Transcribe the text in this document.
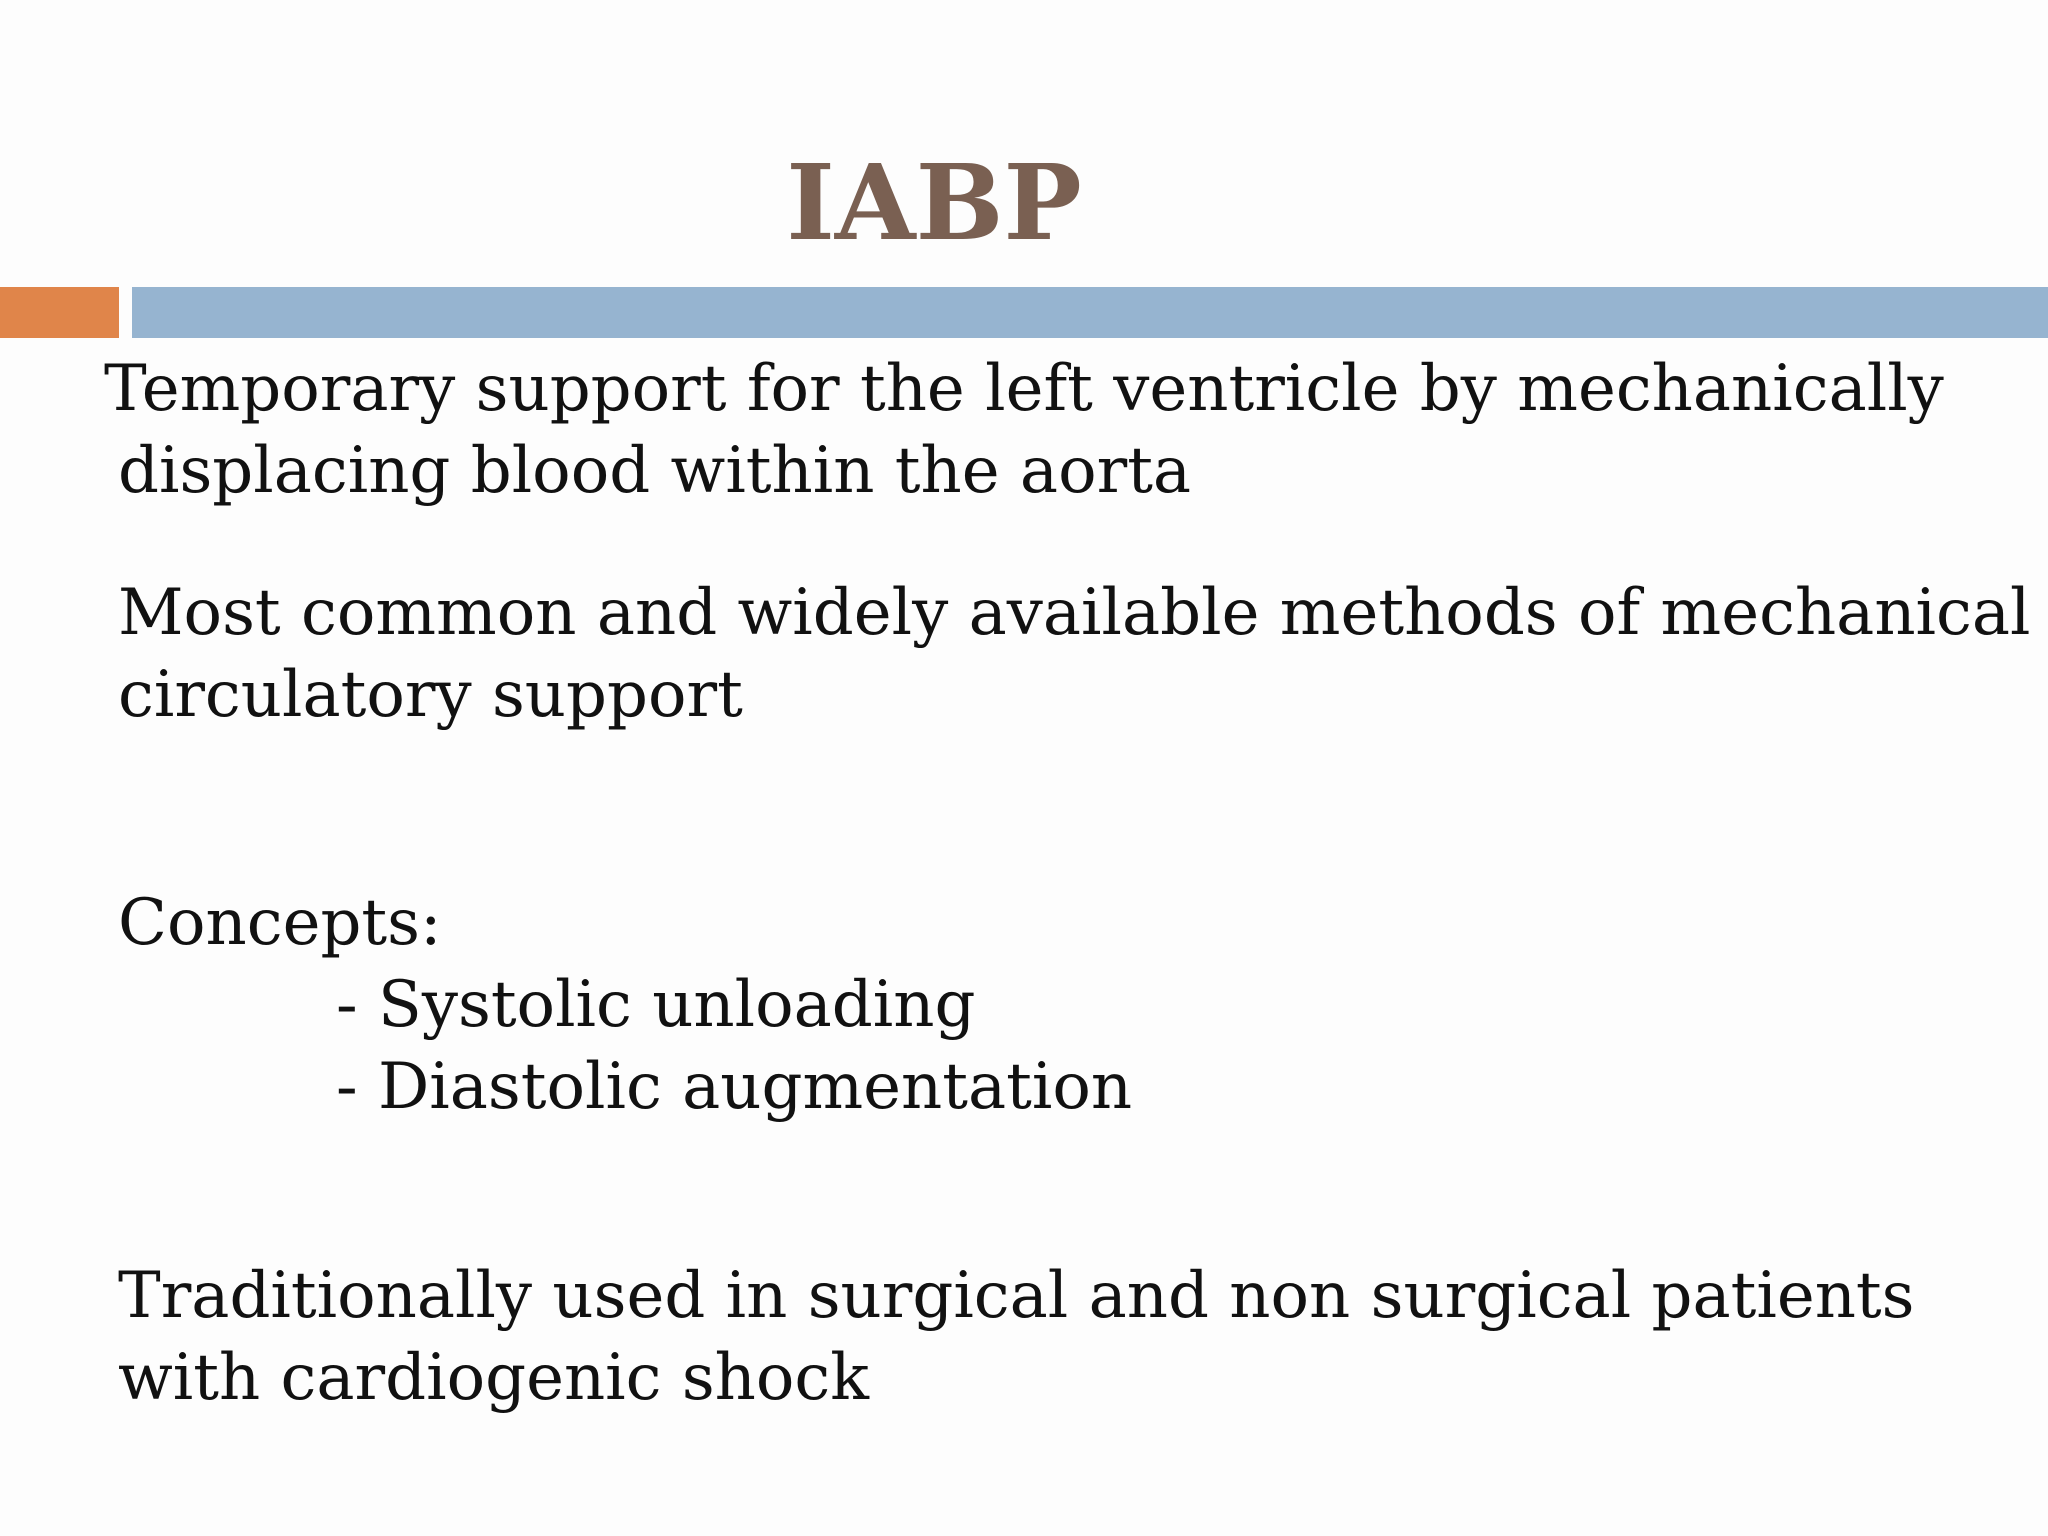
IABP
Temporary support for the left ventricle by mechanically
displacing blood within the aorta
Most common and widely available methods of mechanical
circulatory support
Concepts:
- Systolic unloading
- Diastolic augmentation
Traditionally used in surgical and non surgical patients
with cardiogenic shock
